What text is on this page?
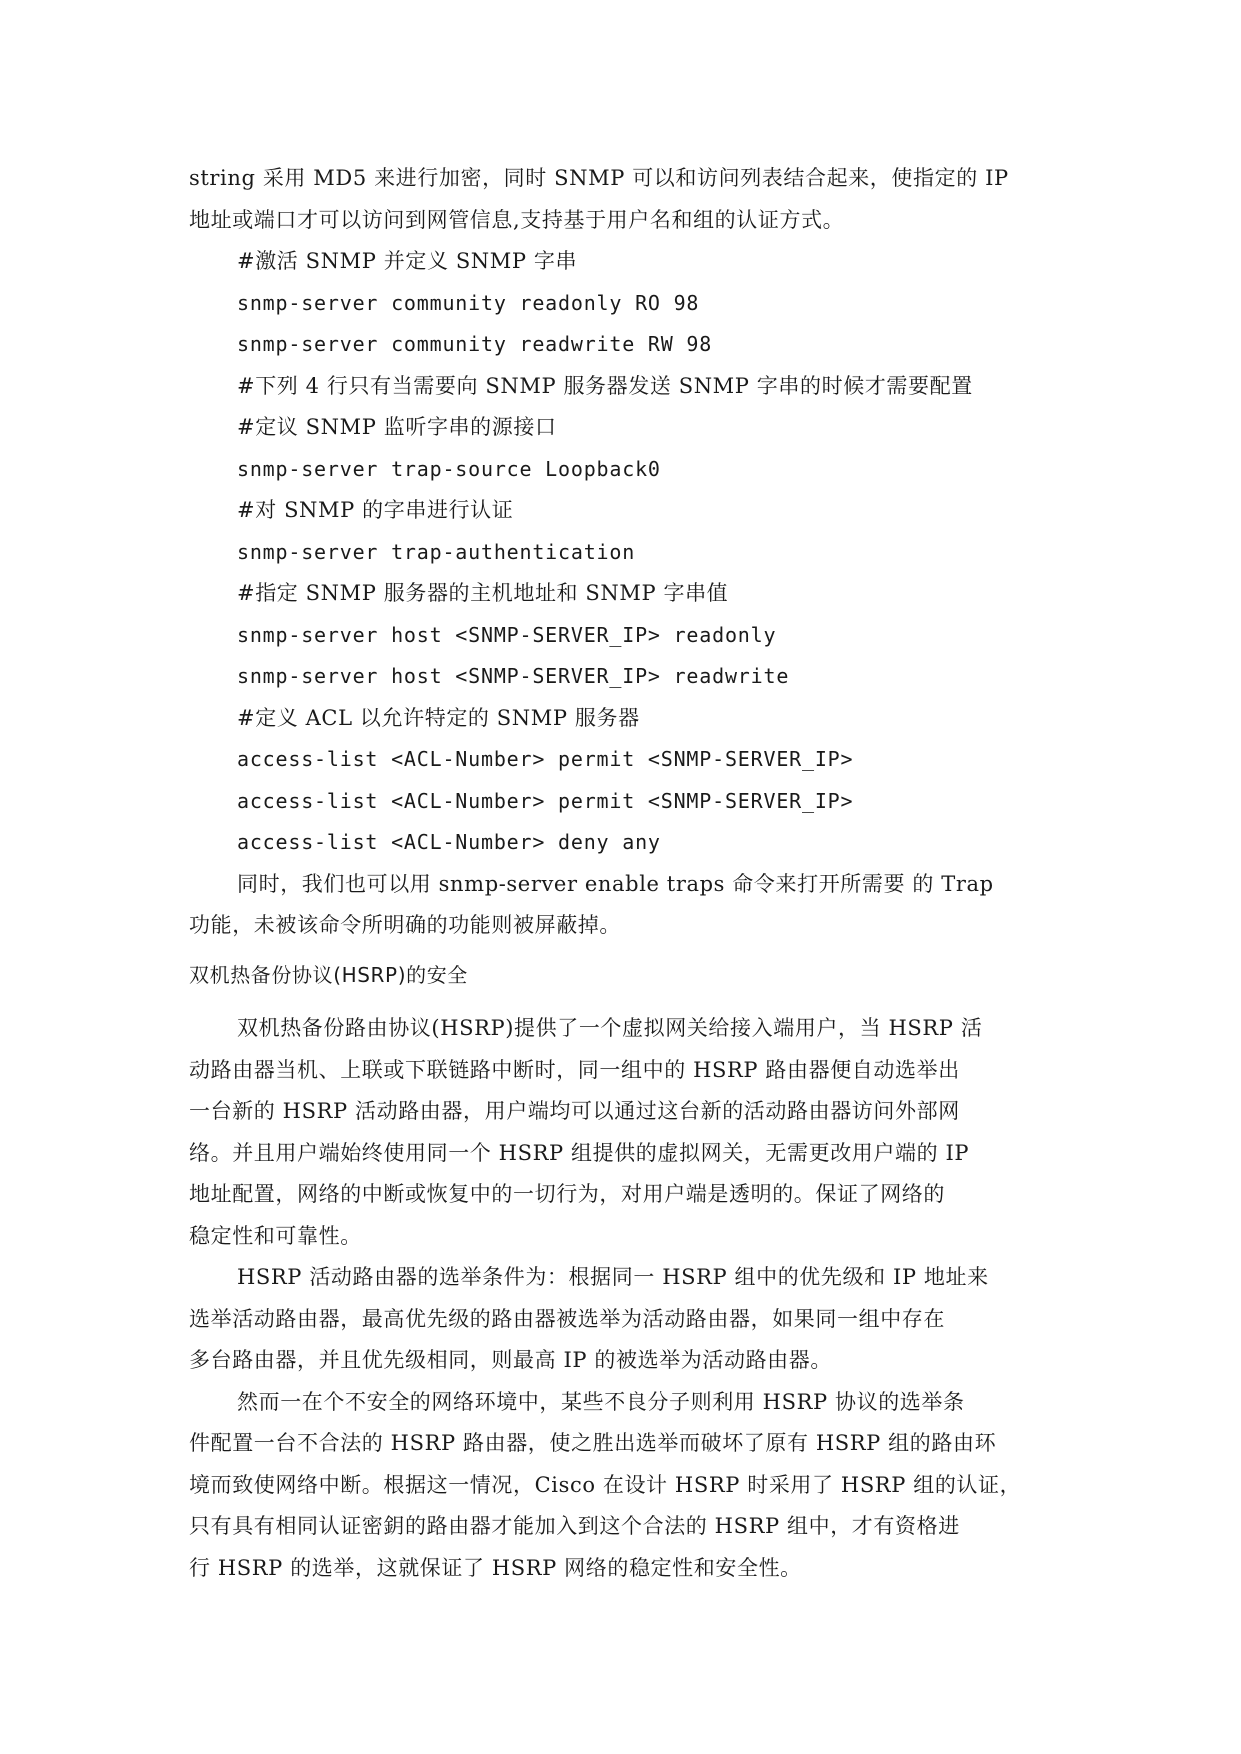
string 采用 MD5 来进行加密，同时 SNMP 可以和访问列表结合起来，使指定的 IP
地址或端口才可以访问到网管信息,支持基于用户名和组的认证方式。
#激活 SNMP 并定义 SNMP 字串
snmp-server community readonly RO 98
snmp-server community readwrite RW 98
#下列 4 行只有当需要向 SNMP 服务器发送 SNMP 字串的时候才需要配置
#定议 SNMP 监听字串的源接口
snmp-server trap-source Loopback0
#对 SNMP 的字串进行认证
snmp-server trap-authentication
#指定 SNMP 服务器的主机地址和 SNMP 字串值
snmp-server host <SNMP-SERVER_IP> readonly
snmp-server host <SNMP-SERVER_IP> readwrite
#定义 ACL 以允许特定的 SNMP 服务器
access-list <ACL-Number> permit <SNMP-SERVER_IP>
access-list <ACL-Number> permit <SNMP-SERVER_IP>
access-list <ACL-Number> deny any
同时，我们也可以用 snmp-server enable traps 命令来打开所需要 的 Trap
功能，未被该命令所明确的功能则被屏蔽掉。
双机热备份协议(HSRP)的安全
双机热备份路由协议(HSRP)提供了一个虚拟网关给接入端用户，当 HSRP 活
动路由器当机、上联或下联链路中断时，同一组中的 HSRP 路由器便自动选举出
一台新的 HSRP 活动路由器，用户端均可以通过这台新的活动路由器访问外部网
络。并且用户端始终使用同一个 HSRP 组提供的虚拟网关，无需更改用户端的 IP
地址配置，网络的中断或恢复中的一切行为，对用户端是透明的。保证了网络的
稳定性和可靠性。
HSRP 活动路由器的选举条件为：根据同一 HSRP 组中的优先级和 IP 地址来
选举活动路由器，最高优先级的路由器被选举为活动路由器，如果同一组中存在
多台路由器，并且优先级相同，则最高 IP 的被选举为活动路由器。
然而一在个不安全的网络环境中，某些不良分子则利用 HSRP 协议的选举条
件配置一台不合法的 HSRP 路由器，使之胜出选举而破坏了原有 HSRP 组的路由环
境而致使网络中断。根据这一情况，Cisco 在设计 HSRP 时采用了 HSRP 组的认证，
只有具有相同认证密鈅的路由器才能加入到这个合法的 HSRP 组中，才有资格进
行 HSRP 的选举，这就保证了 HSRP 网络的稳定性和安全性。
